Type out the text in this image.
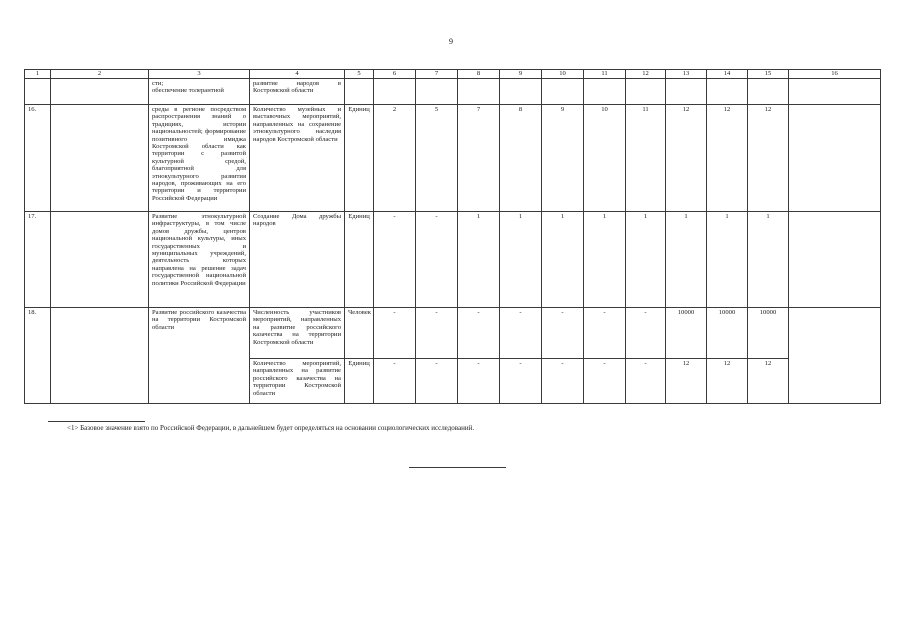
9
1	2	3	4	5	6	7	8	9	10	11	12	13	14	15	16
		сти;
обеспечение толерантной	развитие народов в Костромской области												
16.		среды в регионе посредством распространения знаний о традициях, истории национальностей; формирование позитивного имиджа Костромской области как территории с развитой культурной средой, благоприятной для этнокультурного развития народов, проживающих на его территории и территории Российской Федерации	Количество музейных и выставочных мероприятий, направленных на сохранение этнокультурного наследия народов Костромской области	Единиц	2	5	7	8	9	10	11	12	12	12	
17.		Развитие этнокультурной инфраструктуры, в том числе домов дружбы, центров национальной культуры, иных государственных и муниципальных учреждений, деятельность которых направлена на решение задач государственной национальной политики Российской Федерации	Создание Дома дружбы народов	Единиц	-	-	1	1	1	1	1	1	1	1	
18.		Развитие российского казачества на территории Костромской области	Численность участников мероприятий, направленных на развитие российского казачества на территории Костромской области	Человек	-	-	-	-	-	-	-	10000	10000	10000	
			Количество мероприятий, направленных на развитие российского казачества на территории Костромской области	Единиц	-	-	-	-	-	-	-	12	12	12	
<1> Базовое значение взято по Российской Федерации, в дальнейшем будет определяться на основании социологических исследований.
